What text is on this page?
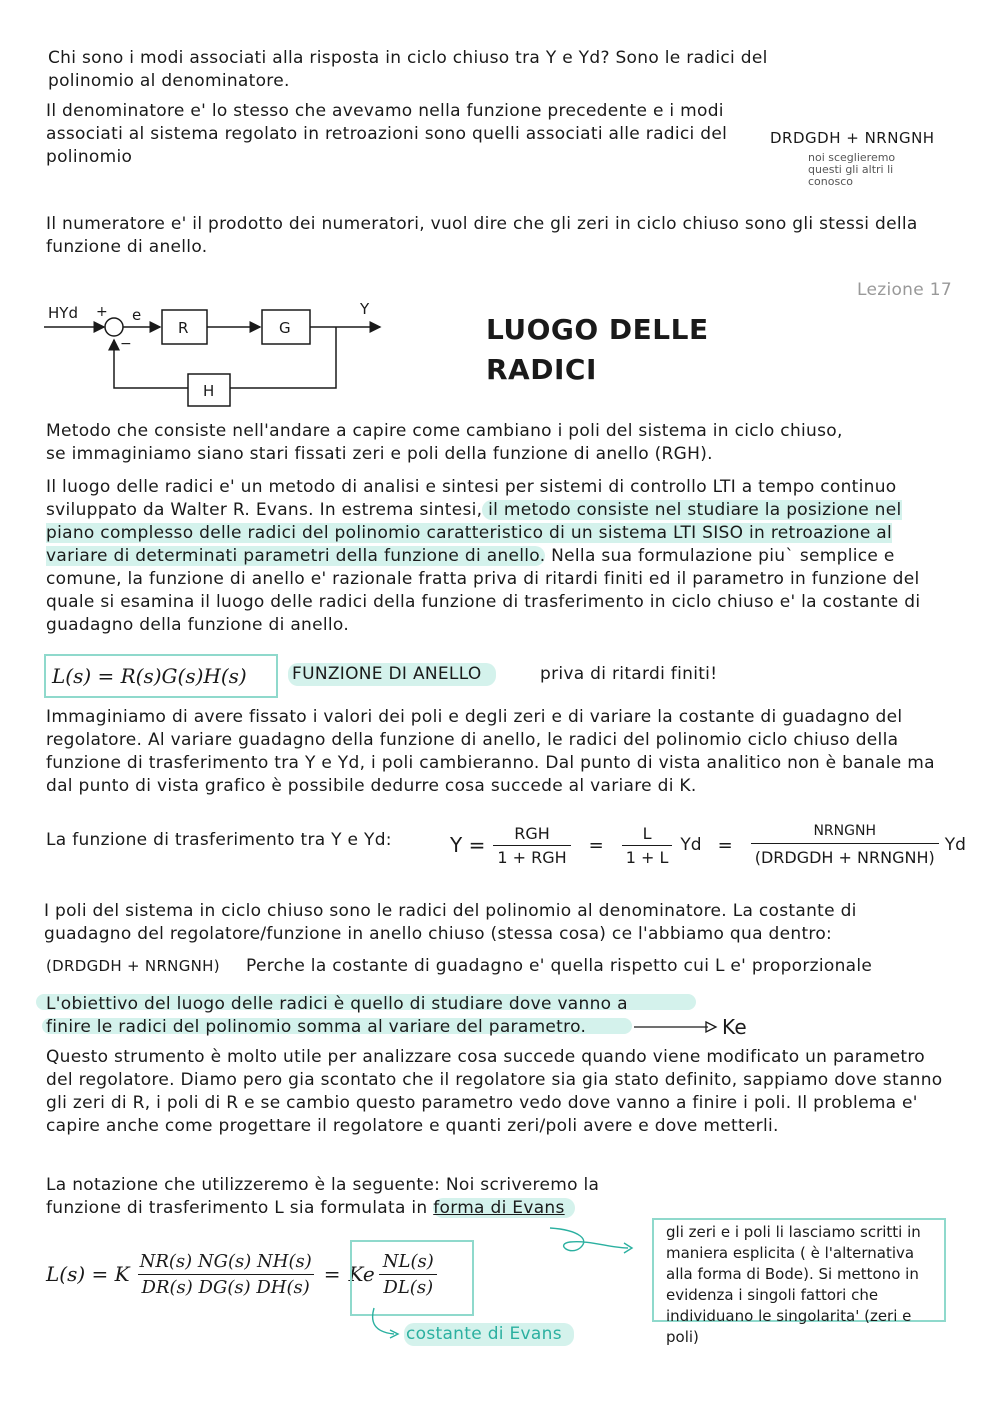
Chi sono i modi associati alla risposta in ciclo chiuso tra Y e Yd? Sono le radici del polinomio al denominatore.

Il denominatore e' lo stesso che avevamo nella funzione precedente e i modi associati al sistema regolato in retroazioni sono quelli associati alle radici del polinomio

DRDGDH + NRNGNH
noi sceglieremo questi gli altri li conosco

Il numeratore e' il prodotto dei numeratori, vuol dire che gli zeri in ciclo chiuso sono gli stessi della funzione di anello.

Lezione 17
HYd + e
−
R	G
Y
H
LUOGO DELLE
RADICI

Metodo che consiste nell'andare a capire come cambiano i poli del sistema in ciclo chiuso, se immaginiamo siano stari fissati zeri e poli della funzione di anello (RGH).

Il luogo delle radici e' un metodo di analisi e sintesi per sistemi di controllo LTI a tempo continuo sviluppato da Walter R. Evans. In estrema sintesi, il metodo consiste nel studiare la posizione nel piano complesso delle radici del polinomio caratteristico di un sistema LTI SISO in retroazione al variare di determinati parametri della funzione di anello. Nella sua formulazione piu` semplice e comune, la funzione di anello e' razionale fratta priva di ritardi finiti ed il parametro in funzione del quale si esamina il luogo delle radici della funzione di trasferimento in ciclo chiuso e' la costante di guadagno della funzione di anello.

L(s) = R(s)G(s)H(s)	FUNZIONE DI ANELLO	priva di ritardi finiti!

Immaginiamo di avere fissato i valori dei poli e degli zeri e di variare la costante di guadagno del regolatore. Al variare guadagno della funzione di anello, le radici del polinomio ciclo chiuso della funzione di trasferimento tra Y e Yd, i poli cambieranno. Dal punto di vista analitico non è banale ma dal punto di vista grafico è possibile dedurre cosa succede al variare di K.

La funzione di trasferimento tra Y e Yd:	$Y = \frac{\text{RGH}}{\text{1 + RGH}} = \frac{L}{1 + L}$ $Yd = \frac{\text{NRNGNH}}{\text{(DRDGDH + NRNGNH)}}$ Yd

I poli del sistema in ciclo chiuso sono le radici del polinomio al denominatore. La costante di guadagno del regolatore/funzione in anello chiuso (stessa cosa) ce l'abbiamo qua dentro:

(DRDGDH + NRNGNH) Perche la costante di guadagno e' quella rispetto cui L e' proporzionale

L'obiettivo del luogo delle radici è quello di studiare dove vanno a
finire le radici del polinomio somma al variare del parametro.	Ke

Questo strumento è molto utile per analizzare cosa succede quando viene modificato un parametro del regolatore. Diamo pero gia scontato che il regolatore sia gia stato definito, sappiamo dove stanno gli zeri di R, i poli di R e se cambio questo parametro vedo dove vanno a finire i poli. Il problema e' capire anche come progettare il regolatore e quanti zeri/poli avere e dove metterli.

La notazione che utilizzeremo è la seguente: Noi scriveremo la funzione di trasferimento L sia formulata in forma di Evans

gli zeri e i poli li lasciamo scritti in maniera esplicita ( è l'alternativa alla forma di Bode). Si mettono in evidenza i singoli fattori che individuano le singolarita' (zeri e poli)

L(s) = K $\frac{NR(s) NG(s) NH(s)}{DR(s) DG(s) DH(s)} = Ke \frac{NL(s)}{DL(s)}$
costante di Evans
